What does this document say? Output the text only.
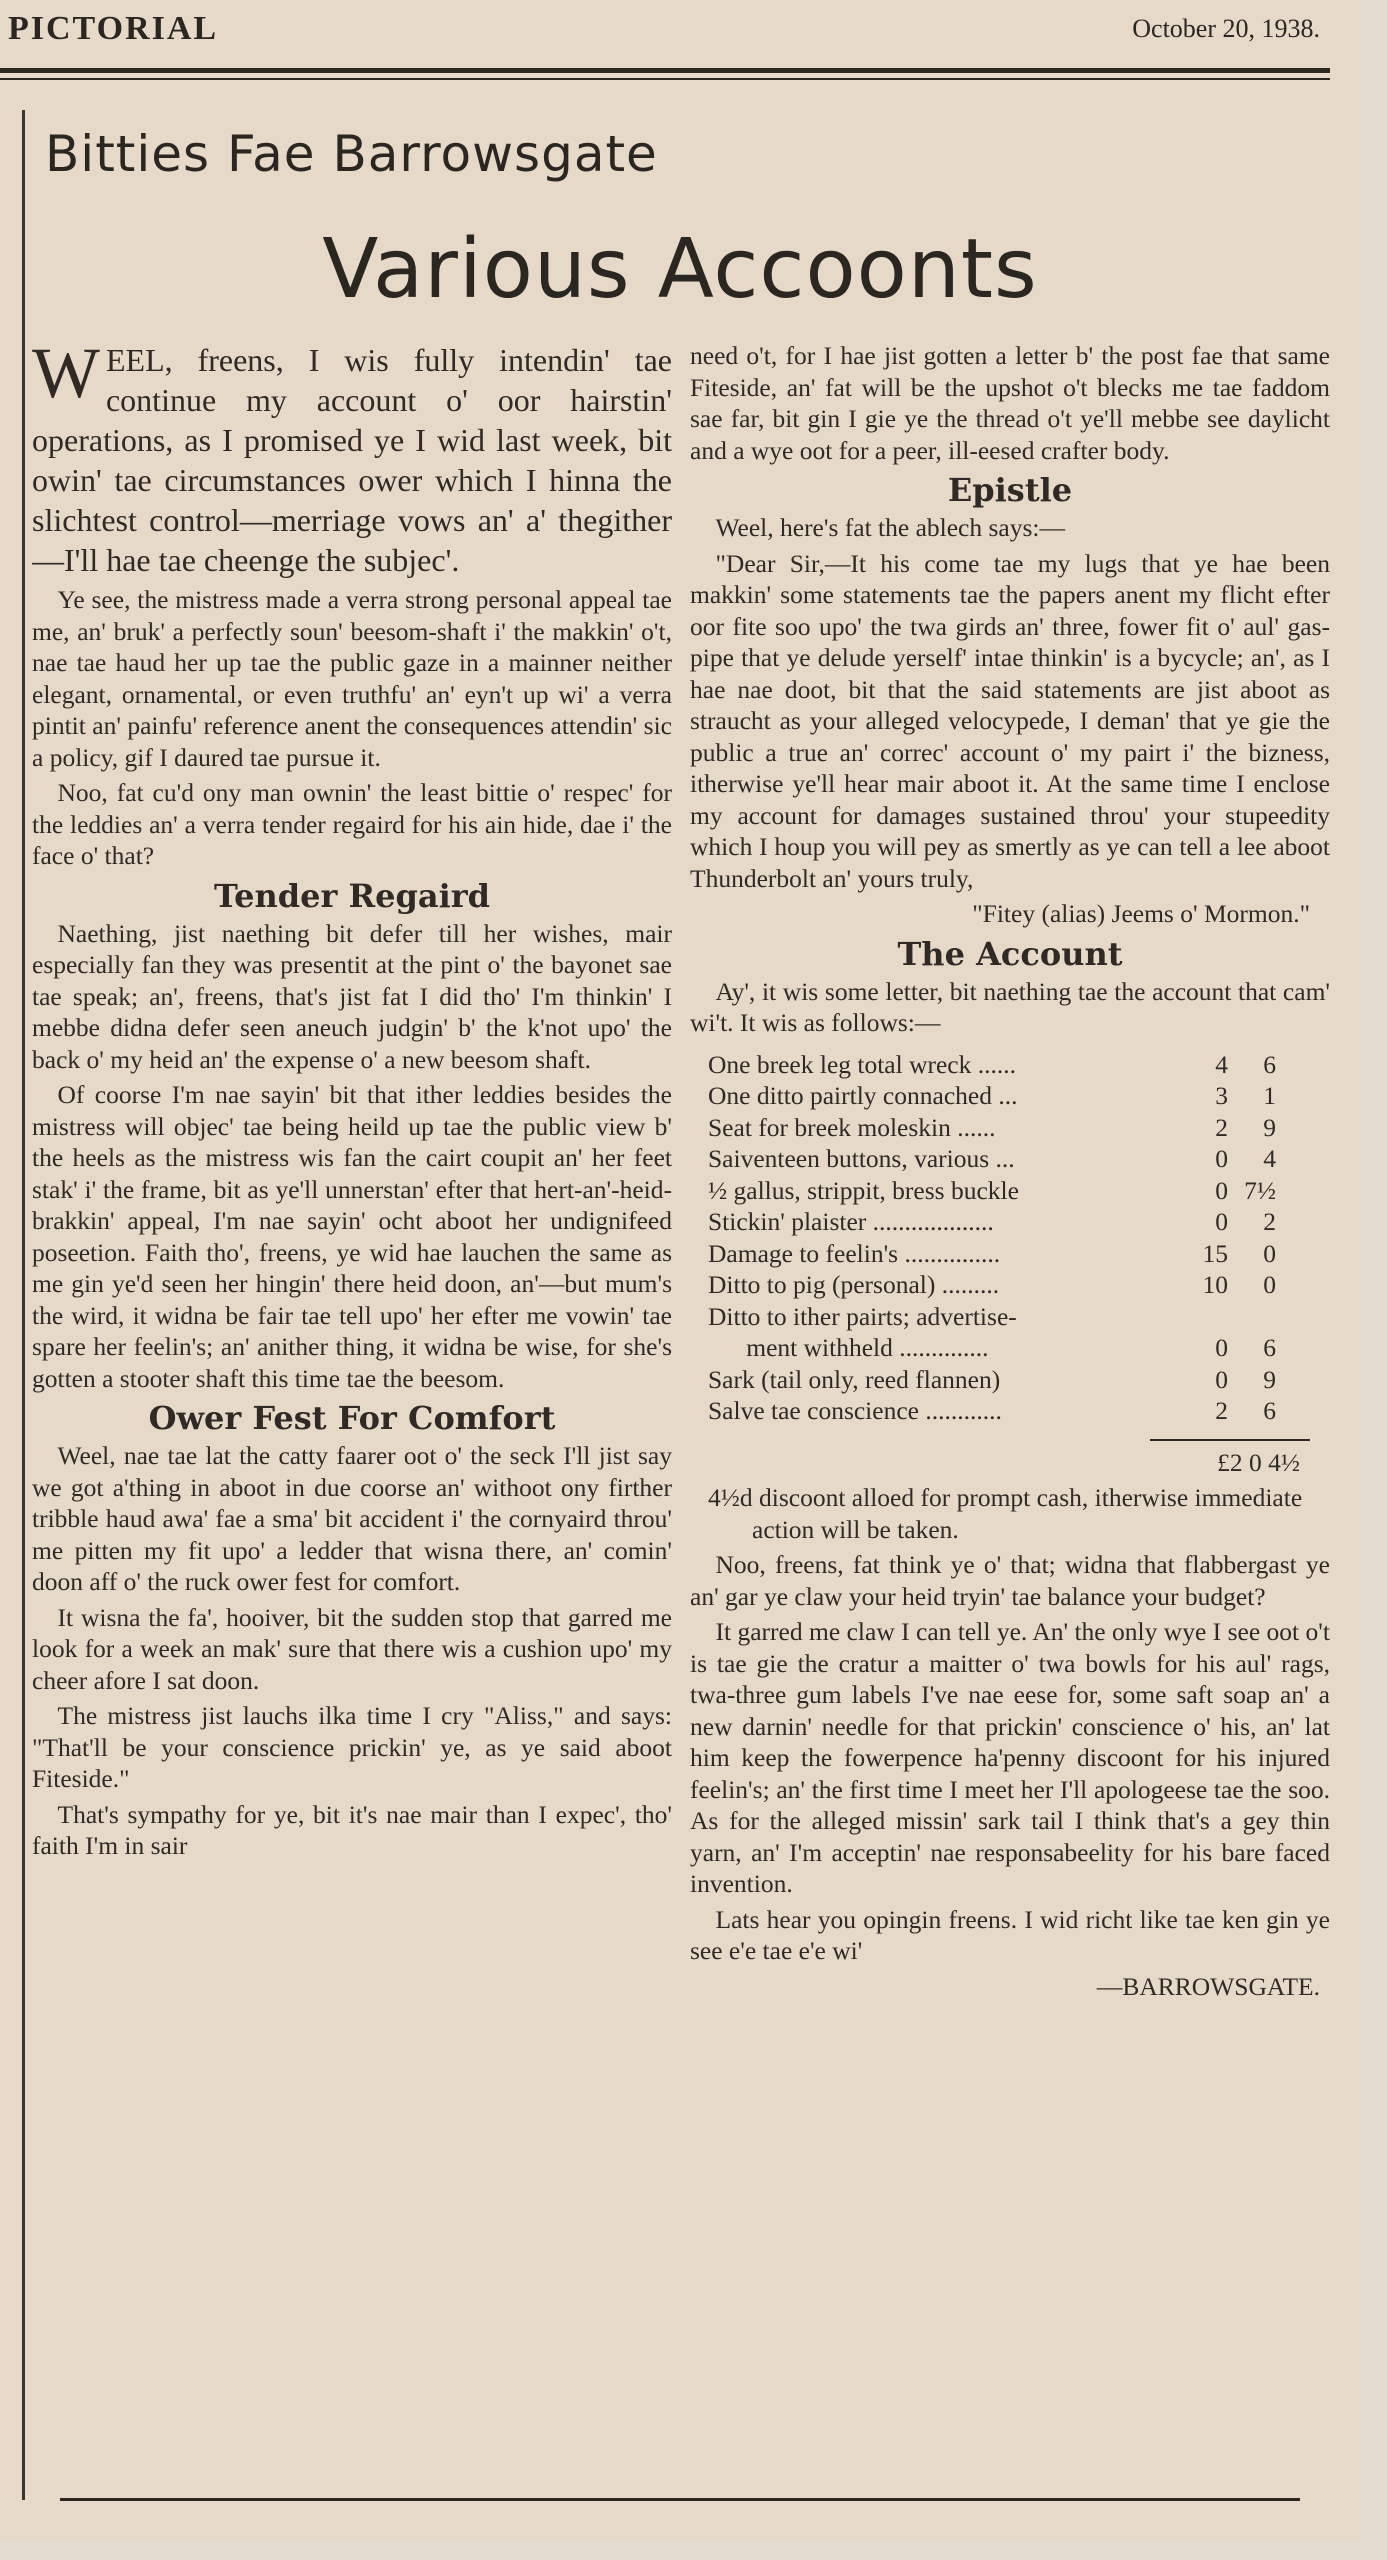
PICTORIAL	October 20, 1938.
Bitties Fae Barrowsgate
Various Accoonts

WEEL, freens, I wis fully intendin' tae continue my account o' oor hairstin' operations, as I promised ye I wid last week, bit owin' tae circumstances ower which I hinna the slichtest control—merriage vows an' a' thegither—I'll hae tae cheenge the subjec'.

Ye see, the mistress made a verra strong personal appeal tae me, an' bruk' a perfectly soun' beesom-shaft i' the makkin' o't, nae tae haud her up tae the public gaze in a mainner neither elegant, ornamental, or even truthfu' an' eyn't up wi' a verra pintit an' painfu' reference anent the consequences attendin' sic a policy, gif I daured tae pursue it.

Noo, fat cu'd ony man ownin' the least bittie o' respec' for the leddies an' a verra tender regaird for his ain hide, dae i' the face o' that?

Tender Regaird

Naething, jist naething bit defer till her wishes, mair especially fan they was presentit at the pint o' the bayonet sae tae speak; an', freens, that's jist fat I did tho' I'm thinkin' I mebbe didna defer seen aneuch judgin' b' the k'not upo' the back o' my heid an' the expense o' a new beesom shaft.

Of coorse I'm nae sayin' bit that ither leddies besides the mistress will objec' tae being heild up tae the public view b' the heels as the mistress wis fan the cairt coupit an' her feet stak' i' the frame, bit as ye'll unnerstan' efter that hert-an'-heid-brakkin' appeal, I'm nae sayin' ocht aboot her undignifeed poseetion. Faith tho', freens, ye wid hae lauchen the same as me gin ye'd seen her hingin' there heid doon, an'—but mum's the wird, it widna be fair tae tell upo' her efter me vowin' tae spare her feelin's; an' anither thing, it widna be wise, for she's gotten a stooter shaft this time tae the beesom.

Ower Fest For Comfort

Weel, nae tae lat the catty faarer oot o' the seck I'll jist say we got a'thing in aboot in due coorse an' withoot ony firther tribble haud awa' fae a sma' bit accident i' the cornyaird throu' me pitten my fit upo' a ledder that wisna there, an' comin' doon aff o' the ruck ower fest for comfort.

It wisna the fa', hooiver, bit the sudden stop that garred me look for a week an mak' sure that there wis a cushion upo' my cheer afore I sat doon.

The mistress jist lauchs ilka time I cry "Aliss," and says: "That'll be your conscience prickin' ye, as ye said aboot Fiteside."

That's sympathy for ye, bit it's nae mair than I expec', tho' faith I'm in sair

need o't, for I hae jist gotten a letter b' the post fae that same Fiteside, an' fat will be the upshot o't blecks me tae faddom sae far, bit gin I gie ye the thread o't ye'll mebbe see daylicht and a wye oot for a peer, ill-eesed crafter body.

Epistle

Weel, here's fat the ablech says:—

"Dear Sir,—It his come tae my lugs that ye hae been makkin' some statements tae the papers anent my flicht efter oor fite soo upo' the twa girds an' three, fower fit o' aul' gas-pipe that ye delude yerself' intae thinkin' is a bycycle; an', as I hae nae doot, bit that the said statements are jist aboot as straucht as your alleged velocypede, I deman' that ye gie the public a true an' correc' account o' my pairt i' the bizness, itherwise ye'll hear mair aboot it. At the same time I enclose my account for damages sustained throu' your stupeedity which I houp you will pey as smertly as ye can tell a lee aboot Thunderbolt an' yours truly,

"Fitey (alias) Jeems o' Mormon."

The Account

Ay', it wis some letter, bit naething tae the account that cam' wi't. It wis as follows:—

One breek leg total wreck ......	4	6
One ditto pairtly connached ...	3	1
Seat for breek moleskin ......	2	9
Saiventeen buttons, various ...	0	4
½ gallus, strippit, bress buckle	0	7½
Stickin' plaister ...................	0	2
Damage to feelin's ...............	15	0
Ditto to pig (personal) .........	10	0
Ditto to ither pairts; advertise-		
ment withheld ..............	0	6
Sark (tail only, reed flannen)	0	9
Salve tae conscience ............	2	6

£2 0 4½

4½d discoont alloed for prompt cash, itherwise immediate action will be taken.

Noo, freens, fat think ye o' that; widna that flabbergast ye an' gar ye claw your heid tryin' tae balance your budget?

It garred me claw I can tell ye. An' the only wye I see oot o't is tae gie the cratur a maitter o' twa bowls for his aul' rags, twa-three gum labels I've nae eese for, some saft soap an' a new darnin' needle for that prickin' conscience o' his, an' lat him keep the fowerpence ha'penny discoont for his injured feelin's; an' the first time I meet her I'll apologeese tae the soo. As for the alleged missin' sark tail I think that's a gey thin yarn, an' I'm acceptin' nae responsabeelity for his bare faced invention.

Lats hear you opingin freens. I wid richt like tae ken gin ye see e'e tae e'e wi'

—BARROWSGATE.
